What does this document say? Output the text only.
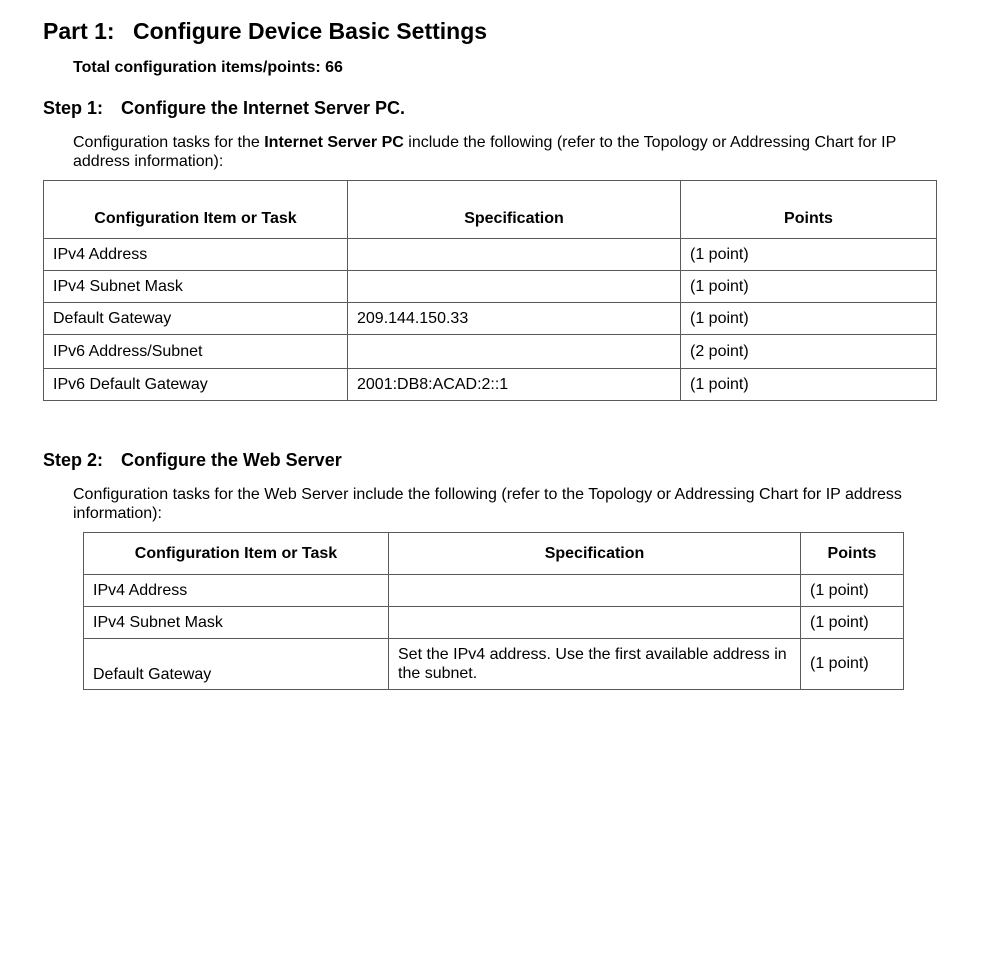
Part 1: Configure Device Basic Settings
Total configuration items/points: 66
Step 1: Configure the Internet Server PC.
Configuration tasks for the Internet Server PC include the following (refer to the Topology or Addressing Chart for IP address information):
Configuration Item or Task	Specification	Points
IPv4 Address		(1 point)
IPv4 Subnet Mask		(1 point)
Default Gateway	209.144.150.33	(1 point)
IPv6 Address/Subnet		(2 point)
IPv6 Default Gateway	2001:DB8:ACAD:2::1	(1 point)
Step 2: Configure the Web Server
Configuration tasks for the Web Server include the following (refer to the Topology or Addressing Chart for IP address information):
Configuration Item or Task	Specification	Points
IPv4 Address		(1 point)
IPv4 Subnet Mask		(1 point)
Default Gateway	Set the IPv4 address. Use the first available address in the subnet.	(1 point)
